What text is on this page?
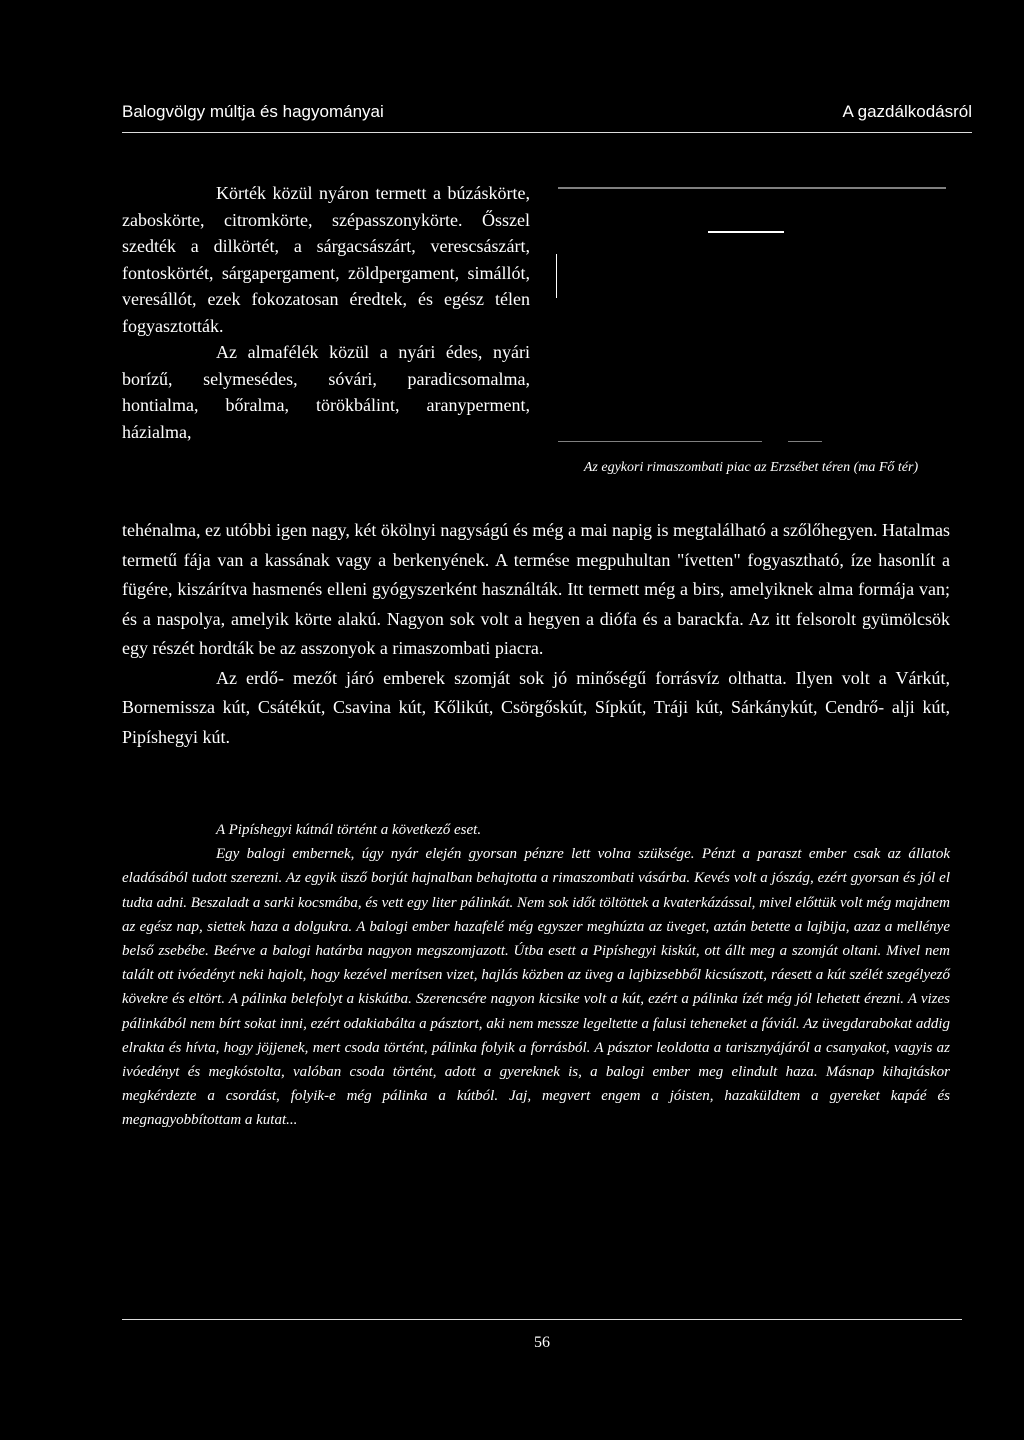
Balogvölgy múltja és hagyományai	A gazdálkodásról

Körték közül nyáron termett a búzáskörte, zaboskörte, citromkörte, szépasszonykörte. Ősszel szedték a dilkörtét, a sárgacsászárt, verescsászárt, fontoskörtét, sárgapergament, zöldpergament, simállót, veresállót, ezek fokozatosan éredtek, és egész télen fogyasztották.

Az almafélék közül a nyári édes, nyári borízű, selymesédes, sóvári, paradicsomalma, hontialma, bőralma, törökbálint, aranyperment, házialma,

Az egykori rimaszombati piac az Erzsébet téren (ma Fő tér)

tehénalma, ez utóbbi igen nagy, két ökölnyi nagyságú és még a mai napig is megtalálható a szőlőhegyen. Hatalmas termetű fája van a kassának vagy a berkenyének. A termése megpuhultan "ívetten" fogyasztható, íze hasonlít a fügére, kiszárítva hasmenés elleni gyógyszerként használták. Itt termett még a birs, amelyiknek alma formája van; és a naspolya, amelyik körte alakú. Nagyon sok volt a hegyen a diófa és a barackfa. Az itt felsorolt gyümölcsök egy részét hordták be az asszonyok a rimaszombati piacra.

Az erdő- mezőt járó emberek szomját sok jó minőségű forrásvíz olthatta. Ilyen volt a Várkút, Bornemissza kút, Csátékút, Csavina kút, Kőlikút, Csörgőskút, Sípkút, Tráji kút, Sárkánykút, Cendrő- alji kút, Pipíshegyi kút.

A Pipíshegyi kútnál történt a következő eset.

Egy balogi embernek, úgy nyár elején gyorsan pénzre lett volna szüksége. Pénzt a paraszt ember csak az állatok eladásából tudott szerezni. Az egyik üsző borjút hajnalban behajtotta a rimaszombati vásárba. Kevés volt a jószág, ezért gyorsan és jól el tudta adni. Beszaladt a sarki kocsmába, és vett egy liter pálinkát. Nem sok időt töltöttek a kvaterkázással, mivel előttük volt még majdnem az egész nap, siettek haza a dolgukra. A balogi ember hazafelé még egyszer meghúzta az üveget, aztán betette a lajbija, azaz a mellénye belső zsebébe. Beérve a balogi határba nagyon megszomjazott. Útba esett a Pipíshegyi kiskút, ott állt meg a szomját oltani. Mivel nem talált ott ivóedényt neki hajolt, hogy kezével merítsen vizet, hajlás közben az üveg a lajbizsebből kicsúszott, ráesett a kút szélét szegélyező kövekre és eltört. A pálinka belefolyt a kiskútba. Szerencsére nagyon kicsike volt a kút, ezért a pálinka ízét még jól lehetett érezni. A vizes pálinkából nem bírt sokat inni, ezért odakiabálta a pásztort, aki nem messze legeltette a falusi teheneket a fáviál. Az üvegdarabokat addig elrakta és hívta, hogy jöjjenek, mert csoda történt, pálinka folyik a forrásból. A pásztor leoldotta a tarisznyájáról a csanyakot, vagyis az ivóedényt és megkóstolta, valóban csoda történt, adott a gyereknek is, a balogi ember meg elindult haza. Másnap kihajtáskor megkérdezte a csordást, folyik-e még pálinka a kútból. Jaj, megvert engem a jóisten, hazaküldtem a gyereket kapáé és megnagyobbítottam a kutat...

56
